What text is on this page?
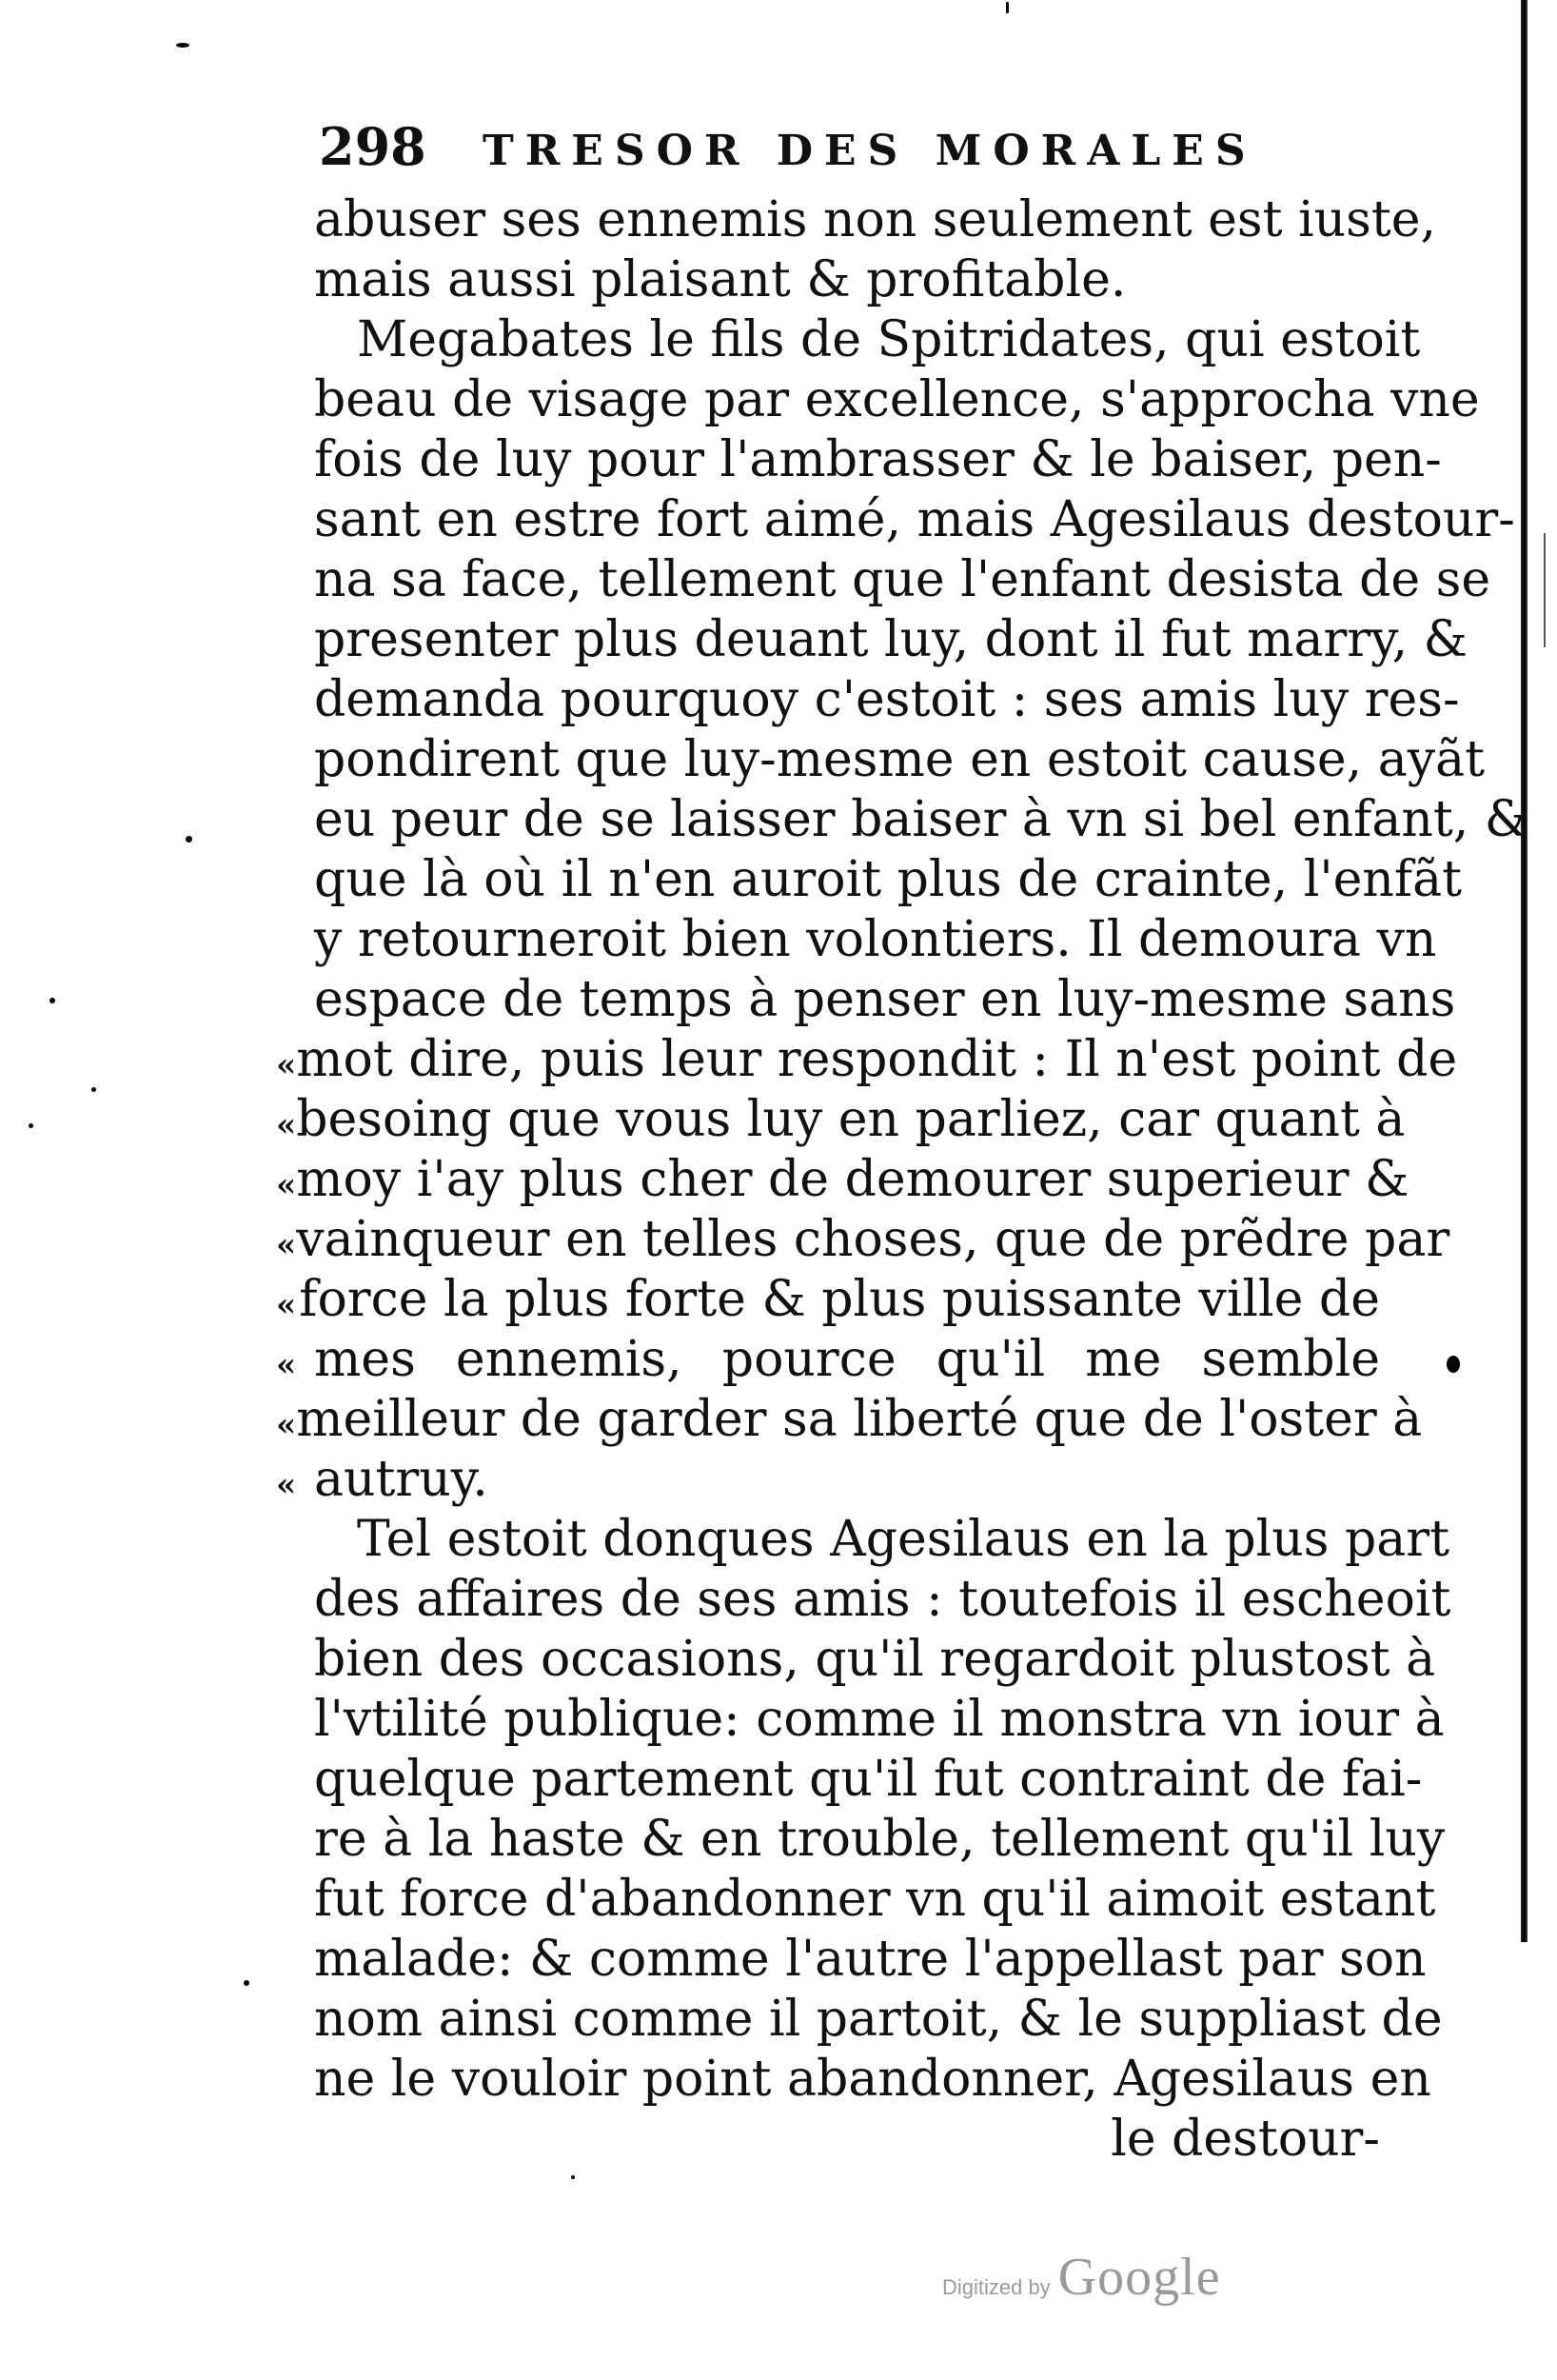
298	TRESOR DES MORALES
abuser ses ennemis non seulement est iuste,
mais aussi plaisant & profitable.
Megabates le fils de Spitridates, qui estoit
beau de visage par excellence, s'approcha vne
fois de luy pour l'ambrasser & le baiser, pen-
sant en estre fort aimé, mais Agesilaus destour-
na sa face, tellement que l'enfant desista de se
presenter plus deuant luy, dont il fut marry, &
demanda pourquoy c'estoit : ses amis luy res-
pondirent que luy-mesme en estoit cause, ayãt
eu peur de se laisser baiser à vn si bel enfant, &
que là où il n'en auroit plus de crainte, l'enfãt
y retourneroit bien volontiers. Il demoura vn
espace de temps à penser en luy-mesme sans
« mot dire, puis leur respondit : Il n'est point de
« besoing que vous luy en parliez, car quant à
« moy i'ay plus cher de demourer superieur &
« vainqueur en telles choses, que de prẽdre par
« force la plus forte & plus puissante ville de
« mes ennemis, pource qu'il me semble
« meilleur de garder sa liberté que de l'oster à
« autruy.
Tel estoit donques Agesilaus en la plus part
des affaires de ses amis : toutefois il escheoit
bien des occasions, qu'il regardoit plustost à
l'vtilité publique: comme il monstra vn iour à
quelque partement qu'il fut contraint de fai-
re à la haste & en trouble, tellement qu'il luy
fut force d'abandonner vn qu'il aimoit estant
malade: & comme l'autre l'appellast par son
nom ainsi comme il partoit, & le suppliast de
ne le vouloir point abandonner, Agesilaus en
le destour-
Digitized by Google
